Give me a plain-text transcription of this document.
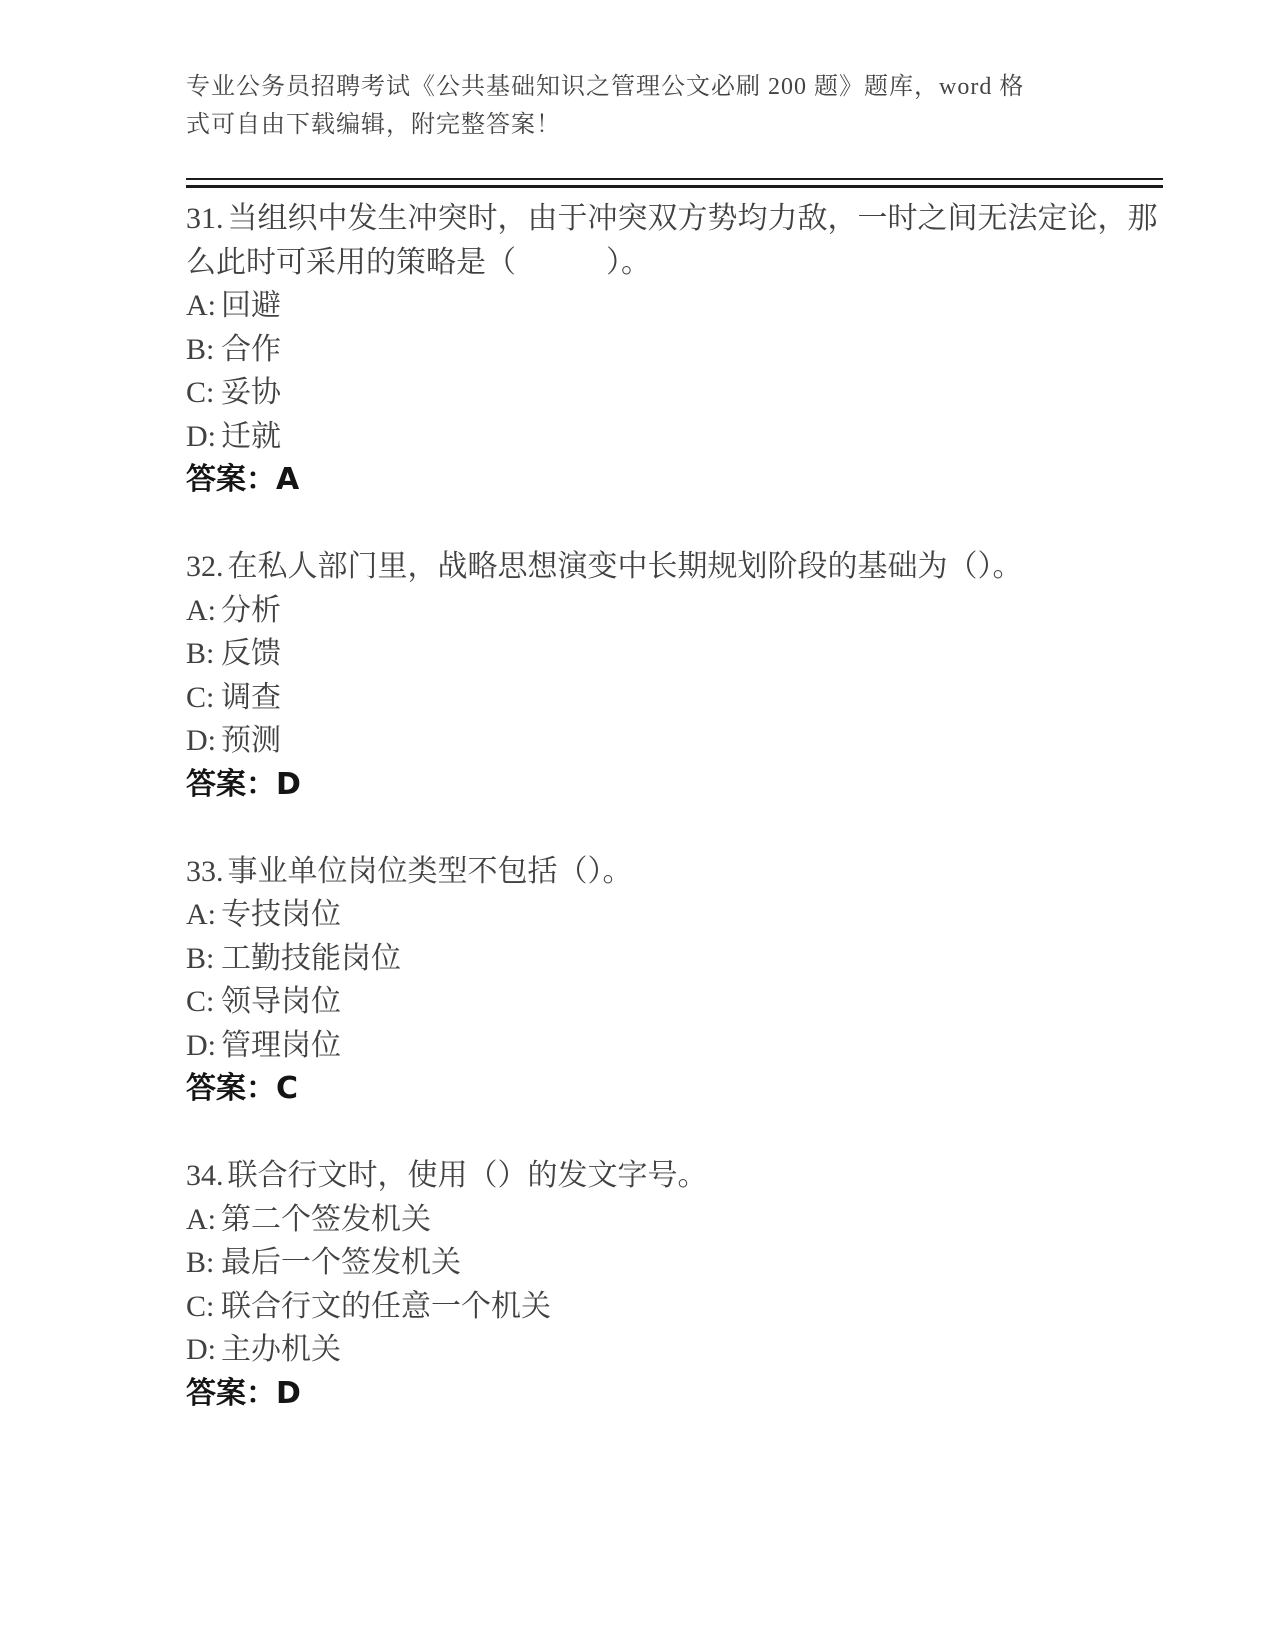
专业公务员招聘考试《公共基础知识之管理公文必刷 200 题》题库，word 格式可自由下载编辑，附完整答案！

31. 当组织中发生冲突时，由于冲突双方势均力敌，一时之间无法定论，那么此时可采用的策略是（　　　）。

A: 回避

B: 合作

C: 妥协

D: 迁就

答案：A

32. 在私人部门里，战略思想演变中长期规划阶段的基础为（）。

A: 分析

B: 反馈

C: 调查

D: 预测

答案：D

33. 事业单位岗位类型不包括（）。

A: 专技岗位

B: 工勤技能岗位

C: 领导岗位

D: 管理岗位

答案：C

34. 联合行文时，使用（）的发文字号。

A: 第二个签发机关

B: 最后一个签发机关

C: 联合行文的任意一个机关

D: 主办机关

答案：D
